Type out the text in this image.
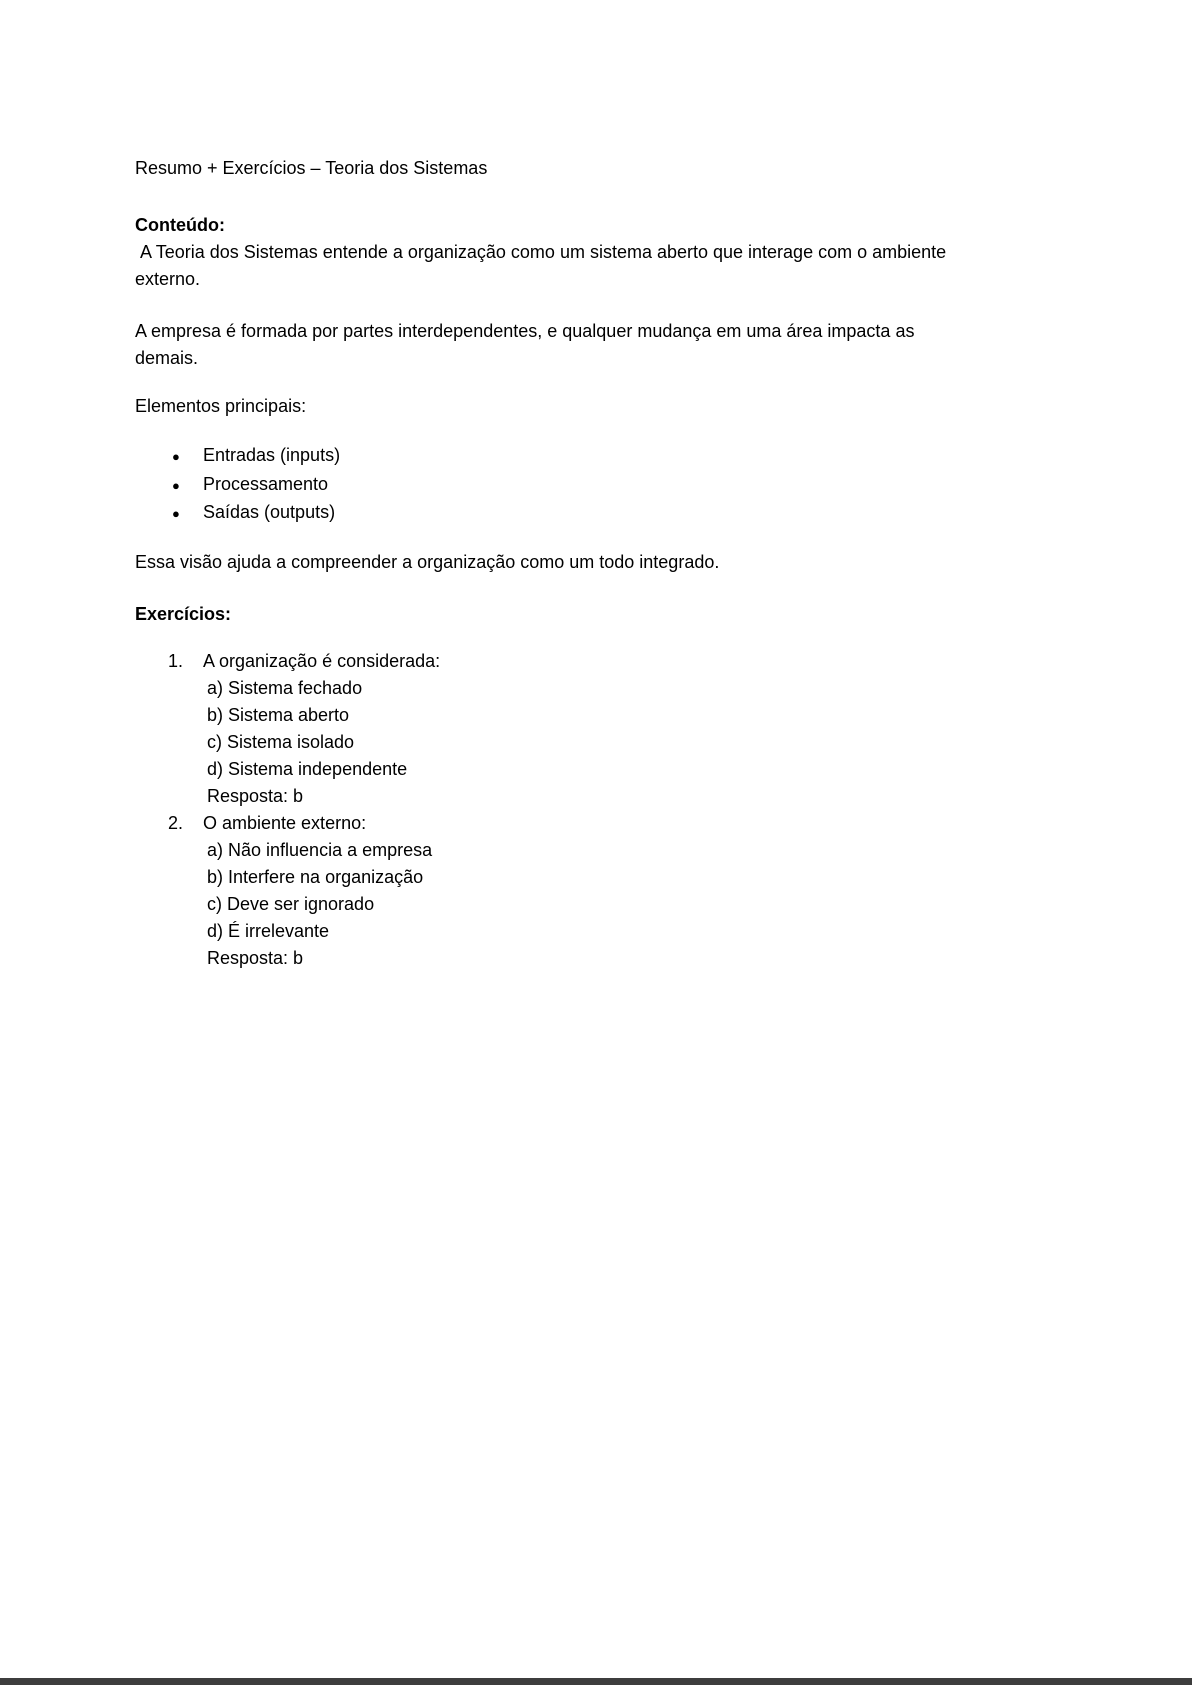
Resumo + Exercícios – Teoria dos Sistemas

Conteúdo:

A Teoria dos Sistemas entende a organização como um sistema aberto que interage com o ambiente externo.

A empresa é formada por partes interdependentes, e qualquer mudança em uma área impacta as demais.

Elementos principais:

● Entradas (inputs)
● Processamento
● Saídas (outputs)

Essa visão ajuda a compreender a organização como um todo integrado.

Exercícios:

1.	A organização é considerada:
a) Sistema fechado
b) Sistema aberto
c) Sistema isolado
d) Sistema independente
Resposta: b
2.	O ambiente externo:
a) Não influencia a empresa
b) Interfere na organização
c) Deve ser ignorado
d) É irrelevante
Resposta: b
